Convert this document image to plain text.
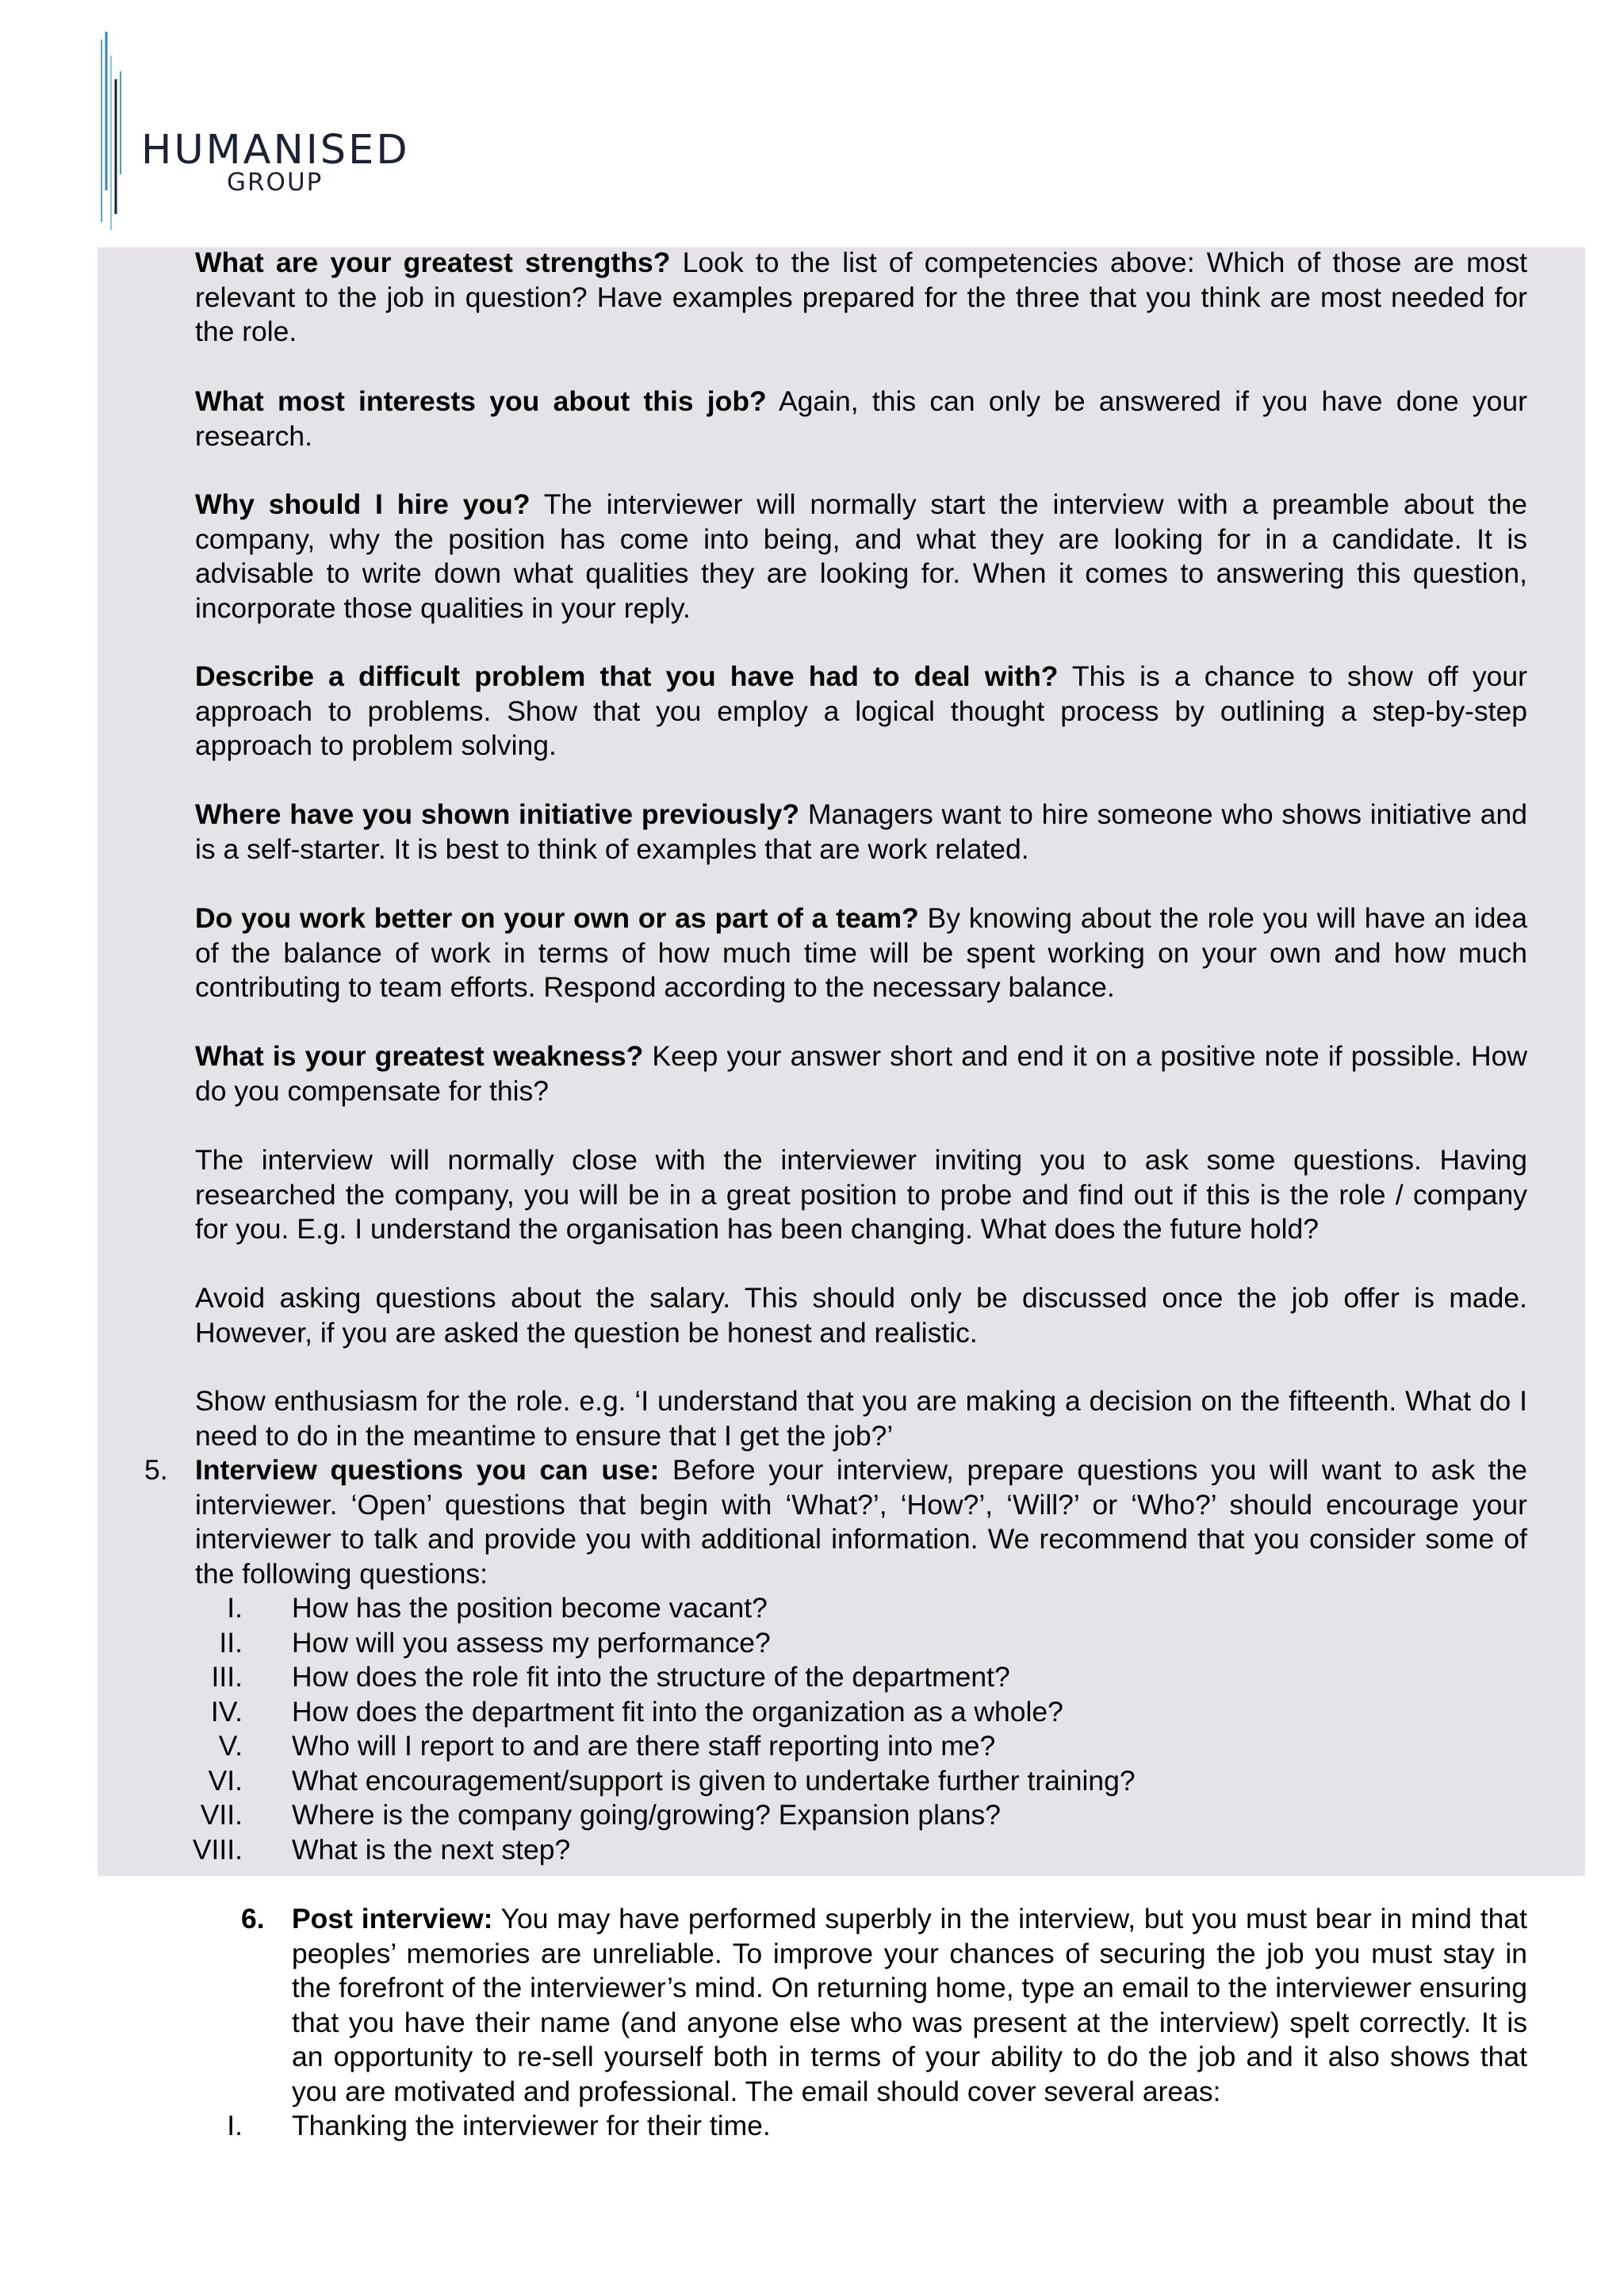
HUMANISED
GROUP
What are your greatest strengths? Look to the list of competencies above: Which of those are most relevant to the job in question? Have examples prepared for the three that you think are most needed for the role.
What most interests you about this job? Again, this can only be answered if you have done your research.
Why should I hire you? The interviewer will normally start the interview with a preamble about the company, why the position has come into being, and what they are looking for in a candidate. It is advisable to write down what qualities they are looking for. When it comes to answering this question, incorporate those qualities in your reply.
Describe a difficult problem that you have had to deal with? This is a chance to show off your approach to problems. Show that you employ a logical thought process by outlining a step-by-step approach to problem solving.
Where have you shown initiative previously? Managers want to hire someone who shows initiative and is a self-starter. It is best to think of examples that are work related.
Do you work better on your own or as part of a team? By knowing about the role you will have an idea of the balance of work in terms of how much time will be spent working on your own and how much contributing to team efforts. Respond according to the necessary balance.
What is your greatest weakness? Keep your answer short and end it on a positive note if possible. How do you compensate for this?
The interview will normally close with the interviewer inviting you to ask some questions. Having researched the company, you will be in a great position to probe and find out if this is the role / company for you. E.g. I understand the organisation has been changing. What does the future hold?
Avoid asking questions about the salary. This should only be discussed once the job offer is made. However, if you are asked the question be honest and realistic.
Show enthusiasm for the role. e.g. ‘I understand that you are making a decision on the fifteenth. What do I need to do in the meantime to ensure that I get the job?’
5. Interview questions you can use: Before your interview, prepare questions you will want to ask the interviewer. ‘Open’ questions that begin with ‘What?’, ‘How?’, ‘Will?’ or ‘Who?’ should encourage your interviewer to talk and provide you with additional information. We recommend that you consider some of the following questions:
I. How has the position become vacant?
II. How will you assess my performance?
III. How does the role fit into the structure of the department?
IV. How does the department fit into the organization as a whole?
V. Who will I report to and are there staff reporting into me?
VI. What encouragement/support is given to undertake further training?
VII. Where is the company going/growing? Expansion plans?
VIII. What is the next step?
6. Post interview: You may have performed superbly in the interview, but you must bear in mind that peoples’ memories are unreliable. To improve your chances of securing the job you must stay in the forefront of the interviewer’s mind. On returning home, type an email to the interviewer ensuring that you have their name (and anyone else who was present at the interview) spelt correctly. It is an opportunity to re-sell yourself both in terms of your ability to do the job and it also shows that you are motivated and professional. The email should cover several areas:
I. Thanking the interviewer for their time.
